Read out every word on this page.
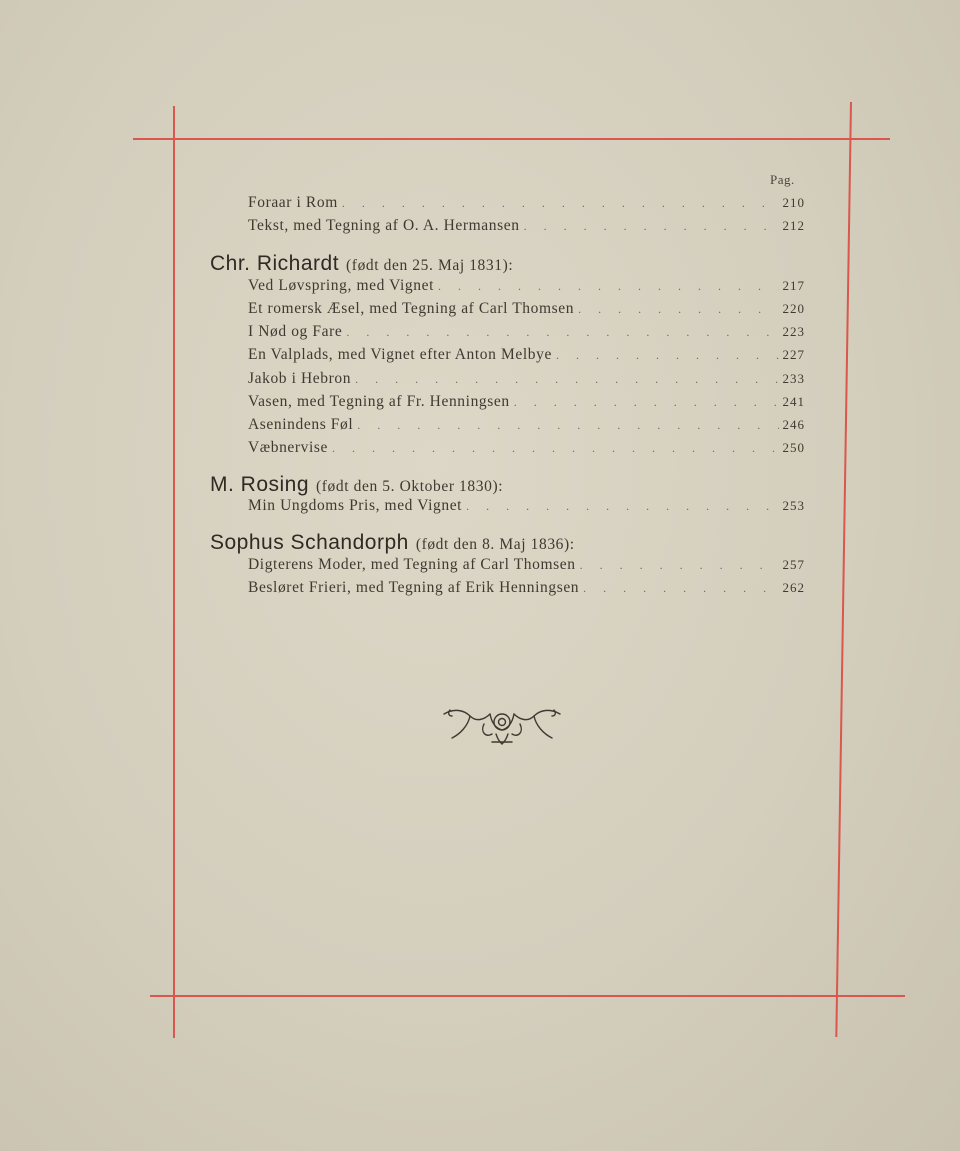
Pag.
Foraar i Rom . . .	210
Tekst, med Tegning af O. A. Hermansen . . .	212
Chr. Richardt (født den 25. Maj 1831):
Ved Løvspring, med Vignet . . .	217
Et romersk Æsel, med Tegning af Carl Thomsen . . .	220
I Nød og Fare . . .	223
En Valplads, med Vignet efter Anton Melbye . . .	227
Jakob i Hebron . . .	233
Vasen, med Tegning af Fr. Henningsen . . .	241
Asenindens Føl . . .	246
Væbnervise . . .	250
M. Rosing (født den 5. Oktober 1830):
Min Ungdoms Pris, med Vignet . . .	253
Sophus Schandorph (født den 8. Maj 1836):
Digterens Moder, med Tegning af Carl Thomsen . . .	257
Besløret Frieri, med Tegning af Erik Henningsen . . .	262
